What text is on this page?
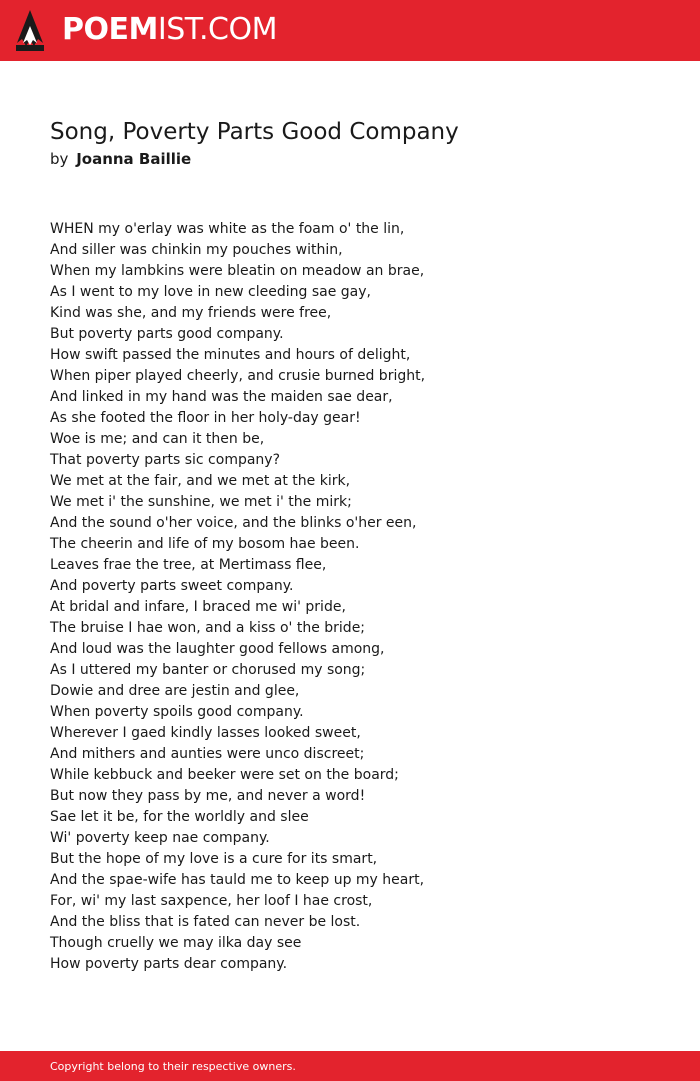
POEMIST.COM
Song, Poverty Parts Good Company
by Joanna Baillie
WHEN my o'erlay was white as the foam o' the lin,
And siller was chinkin my pouches within,
When my lambkins were bleatin on meadow an brae,
As I went to my love in new cleeding sae gay,
Kind was she, and my friends were free,
But poverty parts good company.
How swift passed the minutes and hours of delight,
When piper played cheerly, and crusie burned bright,
And linked in my hand was the maiden sae dear,
As she footed the floor in her holy-day gear!
Woe is me; and can it then be,
That poverty parts sic company?
We met at the fair, and we met at the kirk,
We met i' the sunshine, we met i' the mirk;
And the sound o'her voice, and the blinks o'her een,
The cheerin and life of my bosom hae been.
Leaves frae the tree, at Mertimass flee,
And poverty parts sweet company.
At bridal and infare, I braced me wi' pride,
The bruise I hae won, and a kiss o' the bride;
And loud was the laughter good fellows among,
As I uttered my banter or chorused my song;
Dowie and dree are jestin and glee,
When poverty spoils good company.
Wherever I gaed kindly lasses looked sweet,
And mithers and aunties were unco discreet;
While kebbuck and beeker were set on the board;
But now they pass by me, and never a word!
Sae let it be, for the worldly and slee
Wi' poverty keep nae company.
But the hope of my love is a cure for its smart,
And the spae-wife has tauld me to keep up my heart,
For, wi' my last saxpence, her loof I hae crost,
And the bliss that is fated can never be lost.
Though cruelly we may ilka day see
How poverty parts dear company.
Copyright belong to their respective owners.
